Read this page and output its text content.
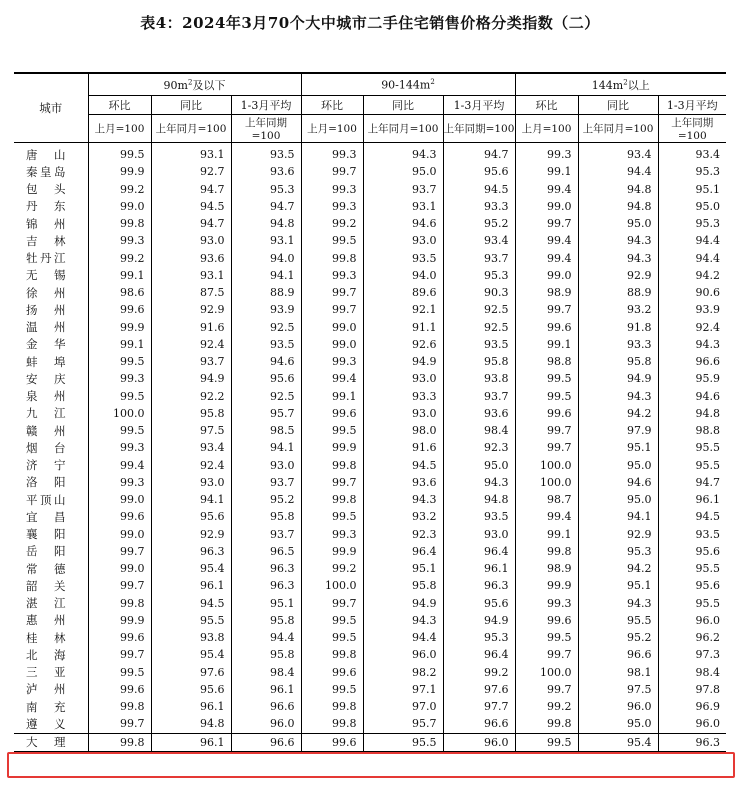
表4：2024年3月70个大中城市二手住宅销售价格分类指数（二）
城市	$90m^2$及以下			$90-144m^2$			$144m^2$以上		
	环比	同比	1-3月平均	环比	同比	1-3月平均	环比	同比	1-3月平均
	上月=100	上年同月=100	上年同期=100	上月=100	上年同月=100	上年同期=100	上月=100	上年同月=100	上年同期=100
唐　山	99.5	93.1	93.5	99.3	94.3	94.7	99.3	93.4	93.4
秦皇岛	99.9	92.7	93.6	99.7	95.0	95.6	99.1	94.4	95.3
包　头	99.2	94.7	95.3	99.3	93.7	94.5	99.4	94.8	95.1
丹　东	99.0	94.5	94.7	99.3	93.1	93.3	99.0	94.8	95.0
锦　州	99.8	94.7	94.8	99.2	94.6	95.2	99.7	95.0	95.3
吉　林	99.3	93.0	93.1	99.5	93.0	93.4	99.4	94.3	94.4
牡丹江	99.2	93.6	94.0	99.8	93.5	93.7	99.4	94.3	94.4
无　锡	99.1	93.1	94.1	99.3	94.0	95.3	99.0	92.9	94.2
徐　州	98.6	87.5	88.9	99.7	89.6	90.3	98.9	88.9	90.6
扬　州	99.6	92.9	93.9	99.7	92.1	92.5	99.7	93.2	93.9
温　州	99.9	91.6	92.5	99.0	91.1	92.5	99.6	91.8	92.4
金　华	99.1	92.4	93.5	99.0	92.6	93.5	99.1	93.3	94.3
蚌　埠	99.5	93.7	94.6	99.3	94.9	95.8	98.8	95.8	96.6
安　庆	99.3	94.9	95.6	99.4	93.0	93.8	99.5	94.9	95.9
泉　州	99.5	92.2	92.5	99.1	93.3	93.7	99.5	94.3	94.6
九　江	100.0	95.8	95.7	99.6	93.0	93.6	99.6	94.2	94.8
赣　州	99.5	97.5	98.5	99.5	98.0	98.4	99.7	97.9	98.8
烟　台	99.3	93.4	94.1	99.9	91.6	92.3	99.7	95.1	95.5
济　宁	99.4	92.4	93.0	99.8	94.5	95.0	100.0	95.0	95.5
洛　阳	99.3	93.0	93.7	99.7	93.6	94.3	100.0	94.6	94.7
平顶山	99.0	94.1	95.2	99.8	94.3	94.8	98.7	95.0	96.1
宜　昌	99.6	95.6	95.8	99.5	93.2	93.5	99.4	94.1	94.5
襄　阳	99.0	92.9	93.7	99.3	92.3	93.0	99.1	92.9	93.5
岳　阳	99.7	96.3	96.5	99.9	96.4	96.4	99.8	95.3	95.6
常　德	99.0	95.4	96.3	99.2	95.1	96.1	98.9	94.2	95.5
韶　关	99.7	96.1	96.3	100.0	95.8	96.3	99.9	95.1	95.6
湛　江	99.8	94.5	95.1	99.7	94.9	95.6	99.3	94.3	95.5
惠　州	99.9	95.5	95.8	99.5	94.3	94.9	99.6	95.5	96.0
桂　林	99.6	93.8	94.4	99.5	94.4	95.3	99.5	95.2	96.2
北　海	99.7	95.4	95.8	99.8	96.0	96.4	99.7	96.6	97.3
三　亚	99.5	97.6	98.4	99.6	98.2	99.2	100.0	98.1	98.4
泸　州	99.6	95.6	96.1	99.5	97.1	97.6	99.7	97.5	97.8
南　充	99.8	96.1	96.6	99.8	97.0	97.7	99.2	96.0	96.9
遵　义	99.7	94.8	96.0	99.8	95.7	96.6	99.8	95.0	96.0
大　理	99.8	96.1	96.6	99.6	95.5	96.0	99.5	95.4	96.3
